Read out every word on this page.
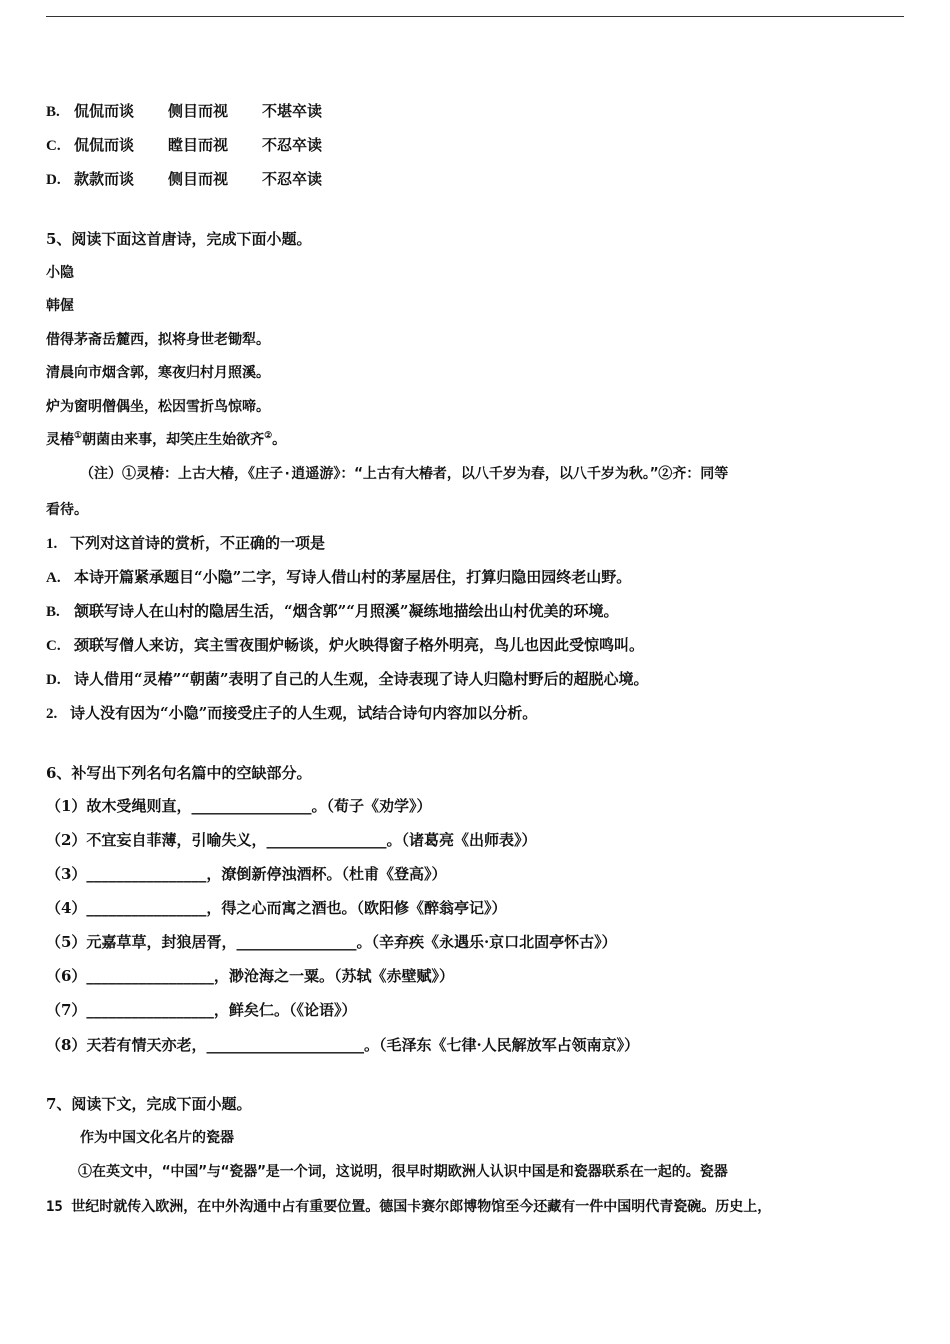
B. 侃侃而谈 侧目而视 不堪卒读
C. 侃侃而谈 瞠目而视 不忍卒读
D. 款款而谈 侧目而视 不忍卒读
5、阅读下面这首唐诗，完成下面小题。
小隐
韩偓
借得茅斋岳麓西，拟将身世老锄犁。
清晨向市烟含郭，寒夜归村月照溪。
炉为窗明僧偶坐，松因雪折鸟惊啼。
灵椿①朝菌由来事，却笑庄生始欲齐②。
（注）①灵椿：上古大椿，《庄子·逍遥游》：“上古有大椿者，以八千岁为春，以八千岁为秋。”②齐：同等
看待。
1. 下列对这首诗的赏析，不正确的一项是
A. 本诗开篇紧承题目“小隐”二字，写诗人借山村的茅屋居住，打算归隐田园终老山野。
B. 颔联写诗人在山村的隐居生活，“烟含郭”“月照溪”凝练地描绘出山村优美的环境。
C. 颈联写僧人来访，宾主雪夜围炉畅谈，炉火映得窗子格外明亮，鸟儿也因此受惊鸣叫。
D. 诗人借用“灵椿”“朝菌”表明了自己的人生观，全诗表现了诗人归隐村野后的超脱心境。
2. 诗人没有因为“小隐”而接受庄子的人生观，试结合诗句内容加以分析。
6、补写出下列名句名篇中的空缺部分。
（1）故木受绳则直，________________。（荀子《劝学》）
（2）不宜妄自菲薄，引喻失义，________________。（诸葛亮《出师表》）
（3）________________，潦倒新停浊酒杯。（杜甫《登高》）
（4）________________，得之心而寓之酒也。（欧阳修《醉翁亭记》）
（5）元嘉草草，封狼居胥，________________。（辛弃疾《永遇乐·京口北固亭怀古》）
（6）_________________，渺沧海之一粟。（苏轼《赤壁赋》）
（7）_________________，鲜矣仁。（《论语》）
（8）天若有情天亦老，_____________________。（毛泽东《七律·人民解放军占领南京》）
7、阅读下文，完成下面小题。
作为中国文化名片的瓷器
①在英文中，“中国”与“瓷器”是一个词，这说明，很早时期欧洲人认识中国是和瓷器联系在一起的。瓷器
15 世纪时就传入欧洲，在中外沟通中占有重要位置。德国卡赛尔郎博物馆至今还藏有一件中国明代青瓷碗。历史上，
